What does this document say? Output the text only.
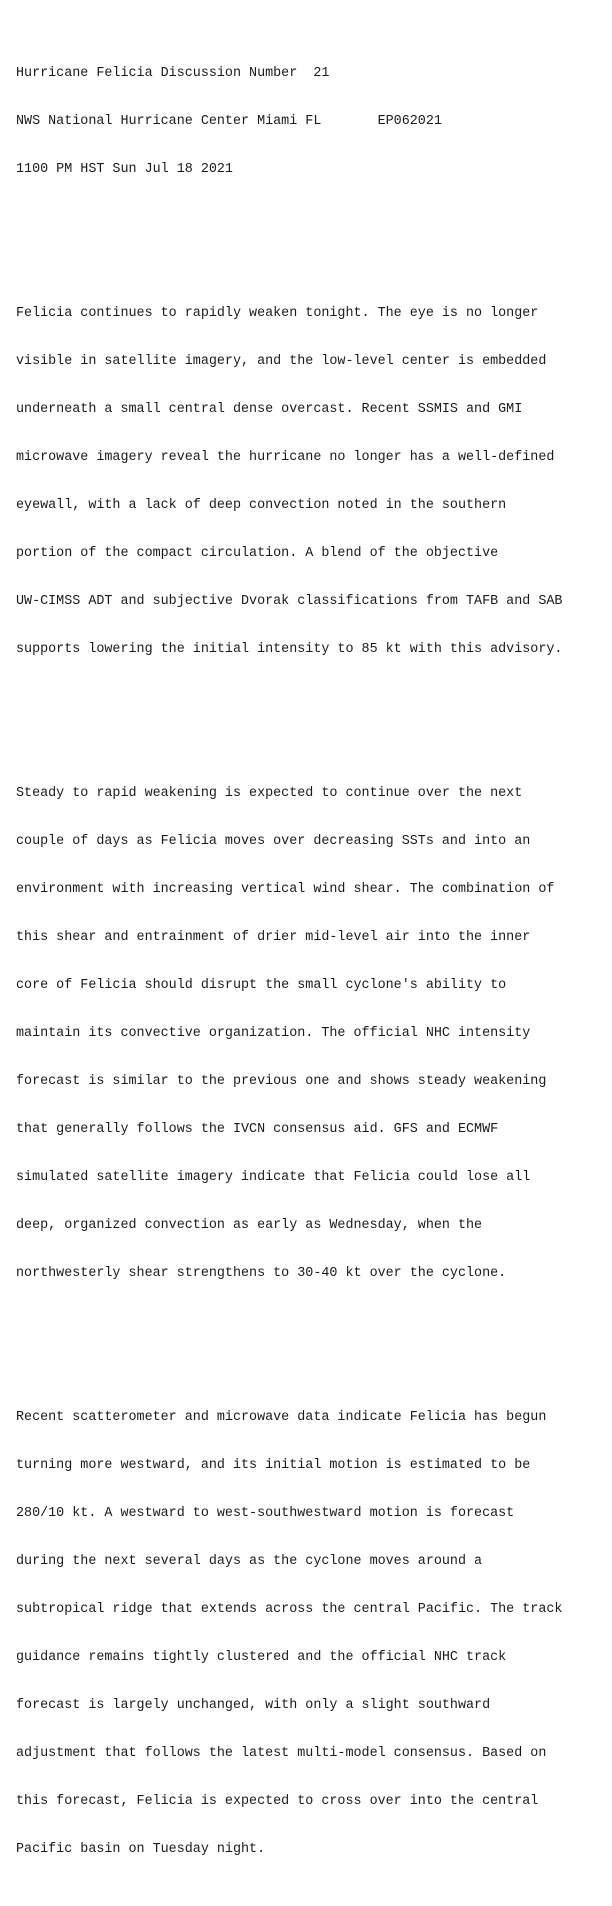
Hurricane Felicia Discussion Number  21

NWS National Hurricane Center Miami FL       EP062021

1100 PM HST Sun Jul 18 2021

Felicia continues to rapidly weaken tonight. The eye is no longer

visible in satellite imagery, and the low-level center is embedded

underneath a small central dense overcast. Recent SSMIS and GMI

microwave imagery reveal the hurricane no longer has a well-defined

eyewall, with a lack of deep convection noted in the southern

portion of the compact circulation. A blend of the objective

UW-CIMSS ADT and subjective Dvorak classifications from TAFB and SAB

supports lowering the initial intensity to 85 kt with this advisory.

Steady to rapid weakening is expected to continue over the next

couple of days as Felicia moves over decreasing SSTs and into an

environment with increasing vertical wind shear. The combination of

this shear and entrainment of drier mid-level air into the inner

core of Felicia should disrupt the small cyclone's ability to

maintain its convective organization. The official NHC intensity

forecast is similar to the previous one and shows steady weakening

that generally follows the IVCN consensus aid. GFS and ECMWF

simulated satellite imagery indicate that Felicia could lose all

deep, organized convection as early as Wednesday, when the

northwesterly shear strengthens to 30-40 kt over the cyclone.

Recent scatterometer and microwave data indicate Felicia has begun

turning more westward, and its initial motion is estimated to be

280/10 kt. A westward to west-southwestward motion is forecast

during the next several days as the cyclone moves around a

subtropical ridge that extends across the central Pacific. The track

guidance remains tightly clustered and the official NHC track

forecast is largely unchanged, with only a slight southward

adjustment that follows the latest multi-model consensus. Based on

this forecast, Felicia is expected to cross over into the central

Pacific basin on Tuesday night.
